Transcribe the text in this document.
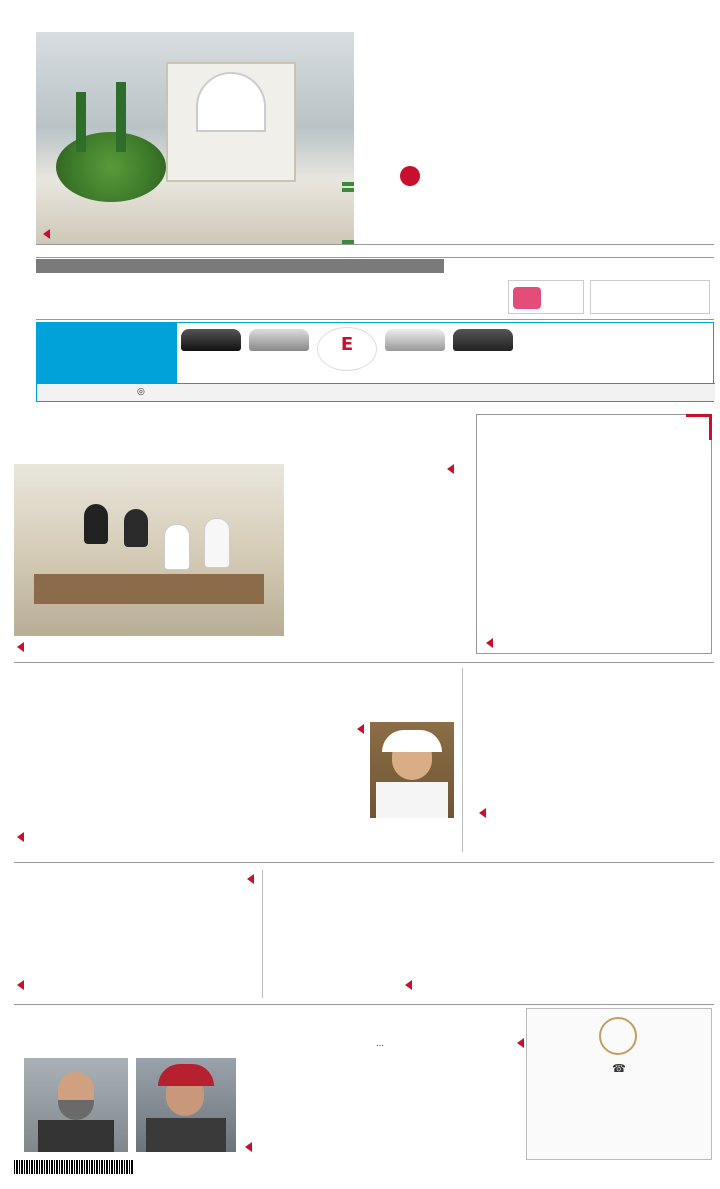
E
◎

...

☎
